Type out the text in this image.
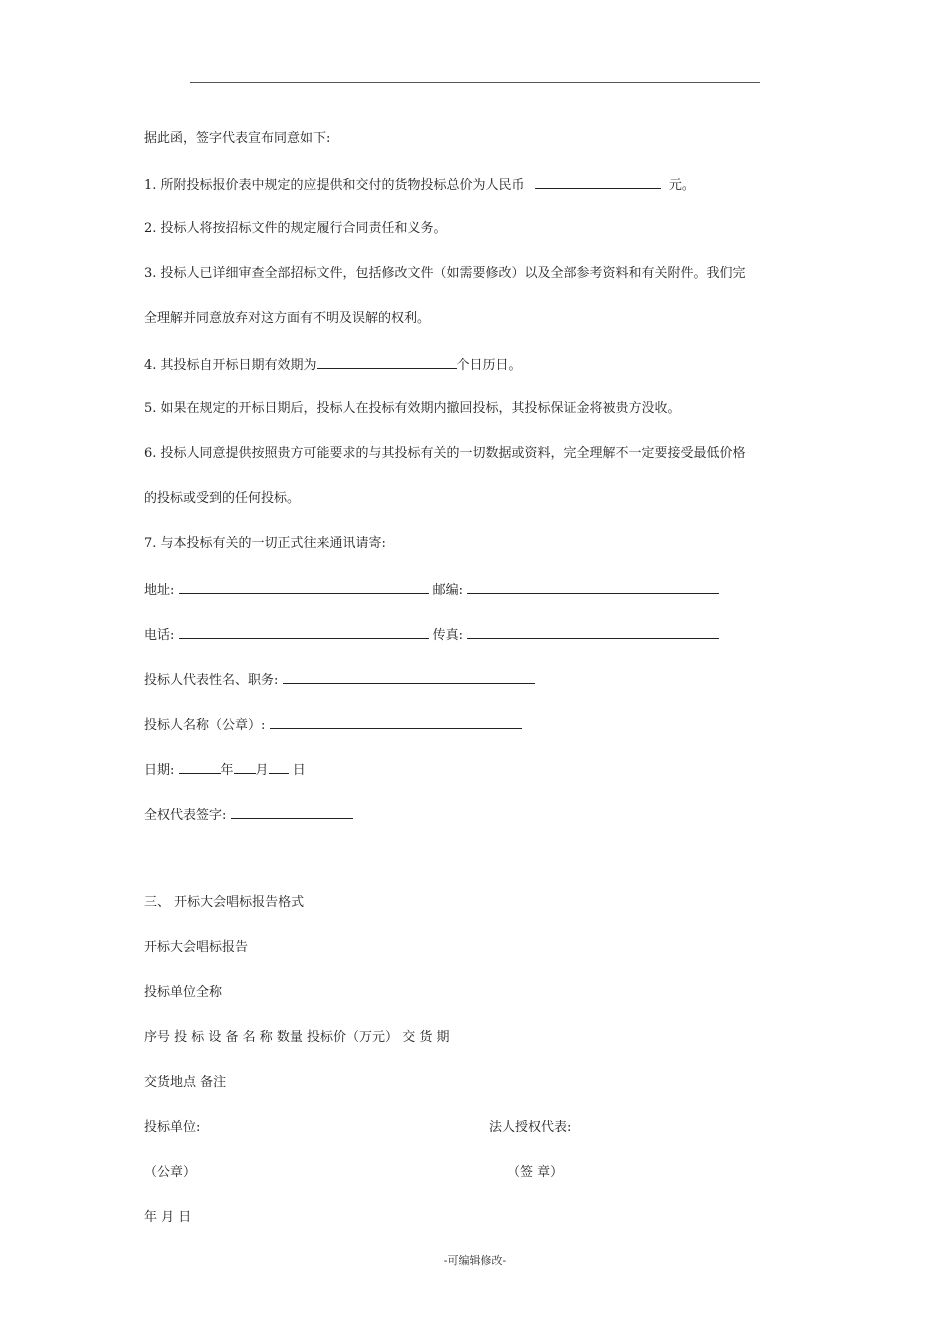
据此函，签字代表宣布同意如下:
1. 所附投标报价表中规定的应提供和交付的货物投标总价为人民币	元。
2. 投标人将按招标文件的规定履行合同责任和义务。
3. 投标人已详细审查全部招标文件，包括修改文件（如需要修改）以及全部参考资料和有关附件。我们完
全理解并同意放弃对这方面有不明及误解的权利。
4. 其投标自开标日期有效期为	个日历日。
5. 如果在规定的开标日期后，投标人在投标有效期内撤回投标，其投标保证金将被贵方没收。
6. 投标人同意提供按照贵方可能要求的与其投标有关的一切数据或资料，完全理解不一定要接受最低价格
的投标或受到的任何投标。
7. 与本投标有关的一切正式往来通讯请寄:
地址:	邮编:
电话:	传真:
投标人代表性名、职务:
投标人名称（公章）:
日期:	年 月 日
全权代表签字:
三、 开标大会唱标报告格式
开标大会唱标报告
投标单位全称
序号 投 标 设 备 名 称 数量 投标价（万元） 交 货 期
交货地点 备注
投标单位:	法人授权代表:
（公章）	（签 章）
年 月 日
-可编辑修改-
